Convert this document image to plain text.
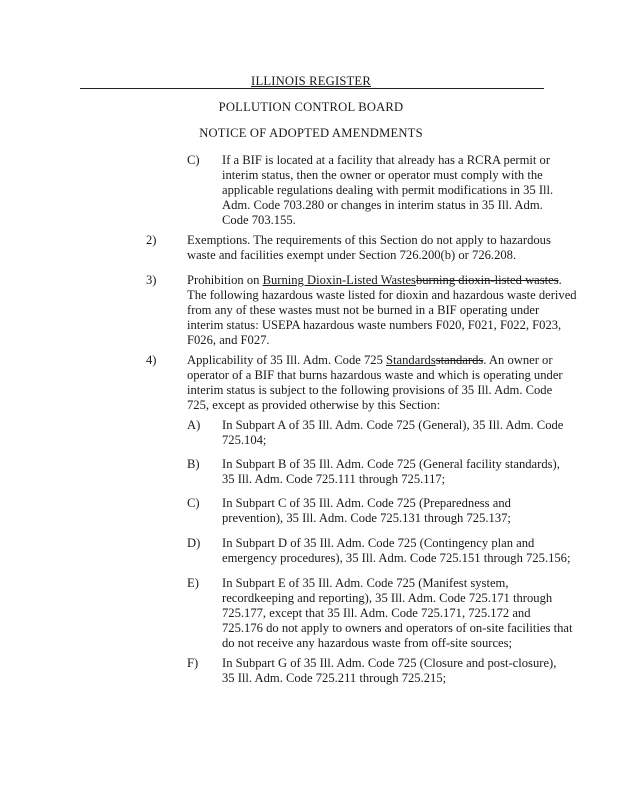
ILLINOIS REGISTER
POLLUTION CONTROL BOARD
NOTICE OF ADOPTED AMENDMENTS
C) If a BIF is located at a facility that already has a RCRA permit or
interim status, then the owner or operator must comply with the
applicable regulations dealing with permit modifications in 35 Ill.
Adm. Code 703.280 or changes in interim status in 35 Ill. Adm.
Code 703.155.
2) Exemptions. The requirements of this Section do not apply to hazardous
waste and facilities exempt under Section 726.200(b) or 726.208.
3) Prohibition on Burning Dioxin-Listed Wastesburning dioxin-listed wastes.
The following hazardous waste listed for dioxin and hazardous waste derived
from any of these wastes must not be burned in a BIF operating under
interim status: USEPA hazardous waste numbers F020, F021, F022, F023,
F026, and F027.
4) Applicability of 35 Ill. Adm. Code 725 Standardsstandards. An owner or
operator of a BIF that burns hazardous waste and which is operating under
interim status is subject to the following provisions of 35 Ill. Adm. Code
725, except as provided otherwise by this Section:
A) In Subpart A of 35 Ill. Adm. Code 725 (General), 35 Ill. Adm. Code
725.104;
B) In Subpart B of 35 Ill. Adm. Code 725 (General facility standards),
35 Ill. Adm. Code 725.111 through 725.117;
C) In Subpart C of 35 Ill. Adm. Code 725 (Preparedness and
prevention), 35 Ill. Adm. Code 725.131 through 725.137;
D) In Subpart D of 35 Ill. Adm. Code 725 (Contingency plan and
emergency procedures), 35 Ill. Adm. Code 725.151 through 725.156;
E) In Subpart E of 35 Ill. Adm. Code 725 (Manifest system,
recordkeeping and reporting), 35 Ill. Adm. Code 725.171 through
725.177, except that 35 Ill. Adm. Code 725.171, 725.172 and
725.176 do not apply to owners and operators of on-site facilities that
do not receive any hazardous waste from off-site sources;
F) In Subpart G of 35 Ill. Adm. Code 725 (Closure and post-closure),
35 Ill. Adm. Code 725.211 through 725.215;
